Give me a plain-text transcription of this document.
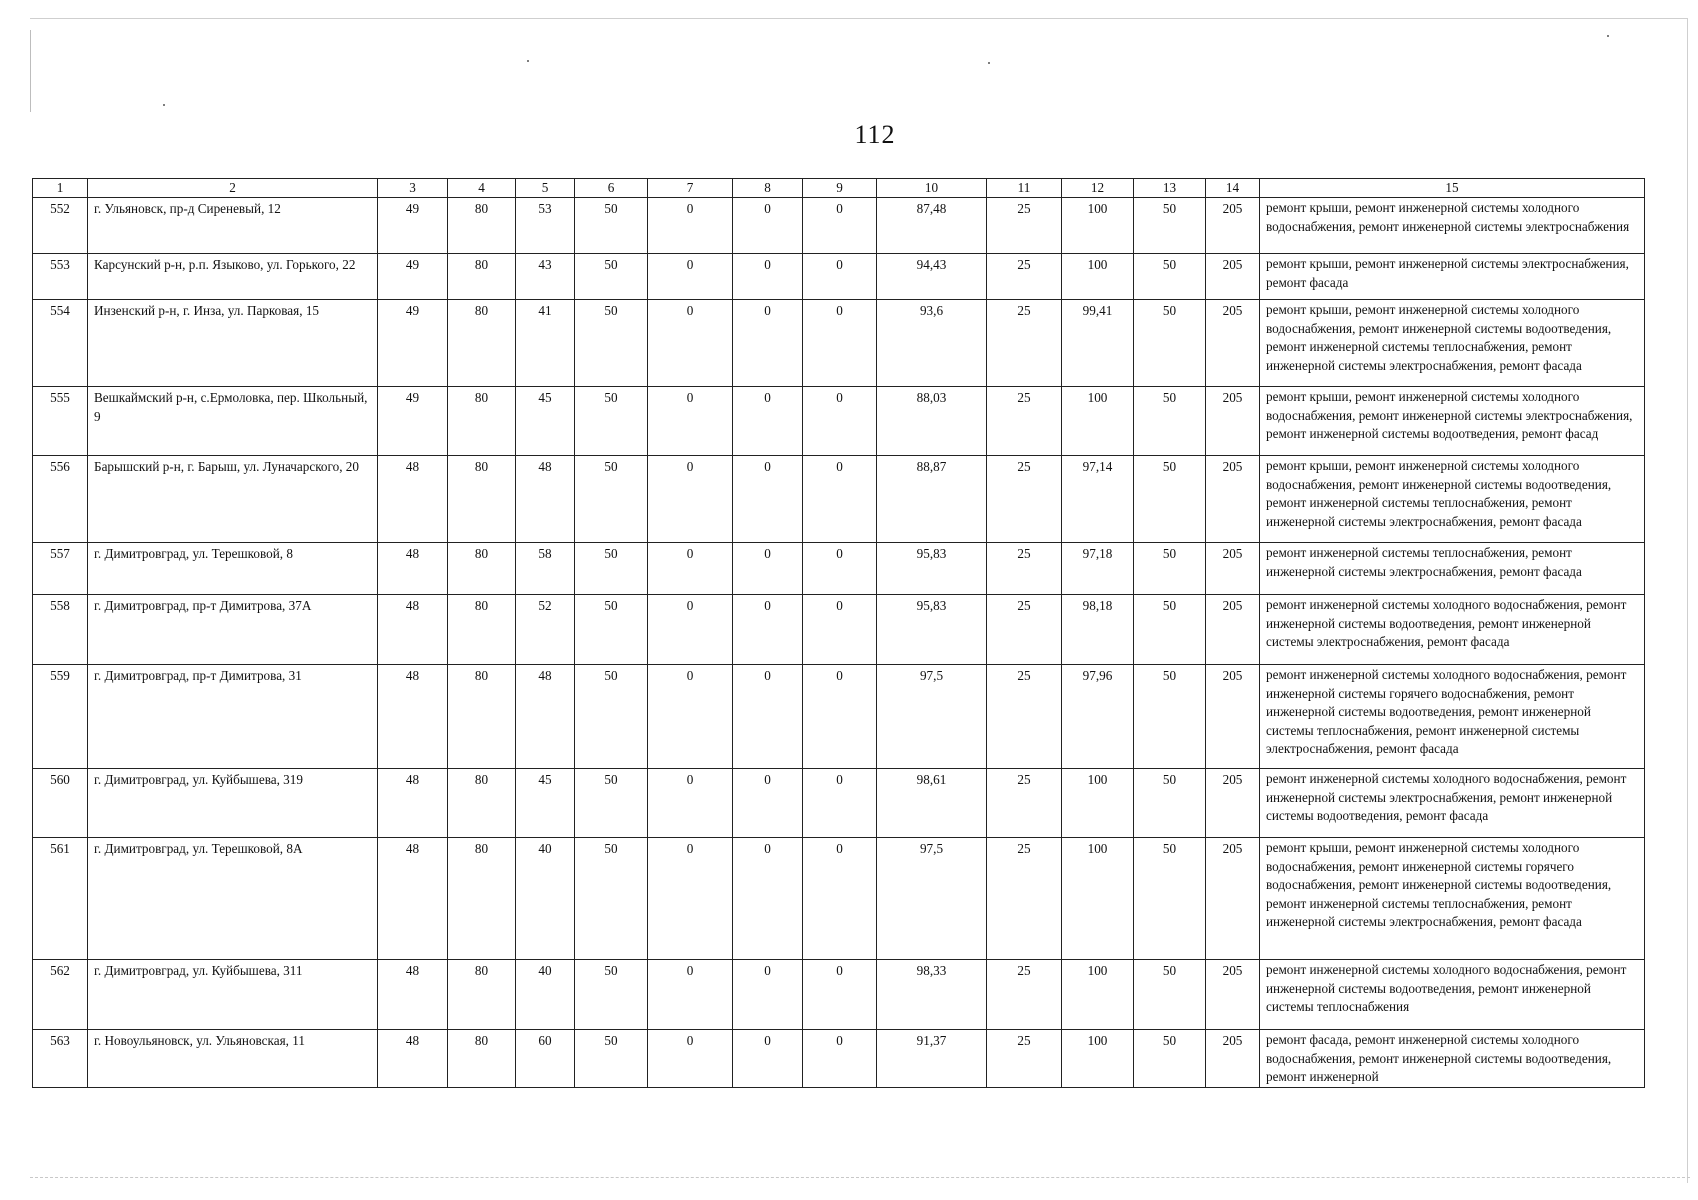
112
1	2	3	4	5	6	7	8	9	10	11	12	13	14	15
552	г. Ульяновск, пр-д Сиреневый, 12	49	80	53	50	0	0	0	87,48	25	100	50	205	ремонт крыши, ремонт инженерной системы холодного водоснабжения, ремонт инженерной системы электроснабжения
553	Карсунский р-н, р.п. Языково, ул. Горького, 22	49	80	43	50	0	0	0	94,43	25	100	50	205	ремонт крыши, ремонт инженерной системы электроснабжения, ремонт фасада
554	Инзенский р-н, г. Инза, ул. Парковая, 15	49	80	41	50	0	0	0	93,6	25	99,41	50	205	ремонт крыши, ремонт инженерной системы холодного водоснабжения, ремонт инженерной системы водоотведения, ремонт инженерной системы теплоснабжения, ремонт инженерной системы электроснабжения, ремонт фасада
555	Вешкаймский р-н, с.Ермоловка, пер. Школьный, 9	49	80	45	50	0	0	0	88,03	25	100	50	205	ремонт крыши, ремонт инженерной системы холодного водоснабжения, ремонт инженерной системы электроснабжения, ремонт инженерной системы водоотведения, ремонт фасад
556	Барышский р-н, г. Барыш, ул. Луначарского, 20	48	80	48	50	0	0	0	88,87	25	97,14	50	205	ремонт крыши, ремонт инженерной системы холодного водоснабжения, ремонт инженерной системы водоотведения, ремонт инженерной системы теплоснабжения, ремонт инженерной системы электроснабжения, ремонт фасада
557	г. Димитровград, ул. Терешковой, 8	48	80	58	50	0	0	0	95,83	25	97,18	50	205	ремонт инженерной системы теплоснабжения, ремонт инженерной системы электроснабжения, ремонт фасада
558	г. Димитровград, пр-т Димитрова, 37А	48	80	52	50	0	0	0	95,83	25	98,18	50	205	ремонт инженерной системы холодного водоснабжения, ремонт инженерной системы водоотведения, ремонт инженерной системы электроснабжения, ремонт фасада
559	г. Димитровград, пр-т Димитрова, 31	48	80	48	50	0	0	0	97,5	25	97,96	50	205	ремонт инженерной системы холодного водоснабжения, ремонт инженерной системы горячего водоснабжения, ремонт инженерной системы водоотведения, ремонт инженерной системы теплоснабжения, ремонт инженерной системы электроснабжения, ремонт фасада
560	г. Димитровград, ул. Куйбышева, 319	48	80	45	50	0	0	0	98,61	25	100	50	205	ремонт инженерной системы холодного водоснабжения, ремонт инженерной системы электроснабжения, ремонт инженерной системы водоотведения, ремонт фасада
561	г. Димитровград, ул. Терешковой, 8А	48	80	40	50	0	0	0	97,5	25	100	50	205	ремонт крыши, ремонт инженерной системы холодного водоснабжения, ремонт инженерной системы горячего водоснабжения, ремонт инженерной системы водоотведения, ремонт инженерной системы теплоснабжения, ремонт инженерной системы электроснабжения, ремонт фасада
562	г. Димитровград, ул. Куйбышева, 311	48	80	40	50	0	0	0	98,33	25	100	50	205	ремонт инженерной системы холодного водоснабжения, ремонт инженерной системы водоотведения, ремонт инженерной системы теплоснабжения
563	г. Новоульяновск, ул. Ульяновская, 11	48	80	60	50	0	0	0	91,37	25	100	50	205	ремонт фасада, ремонт инженерной системы холодного водоснабжения, ремонт инженерной системы водоотведения, ремонт инженерной
